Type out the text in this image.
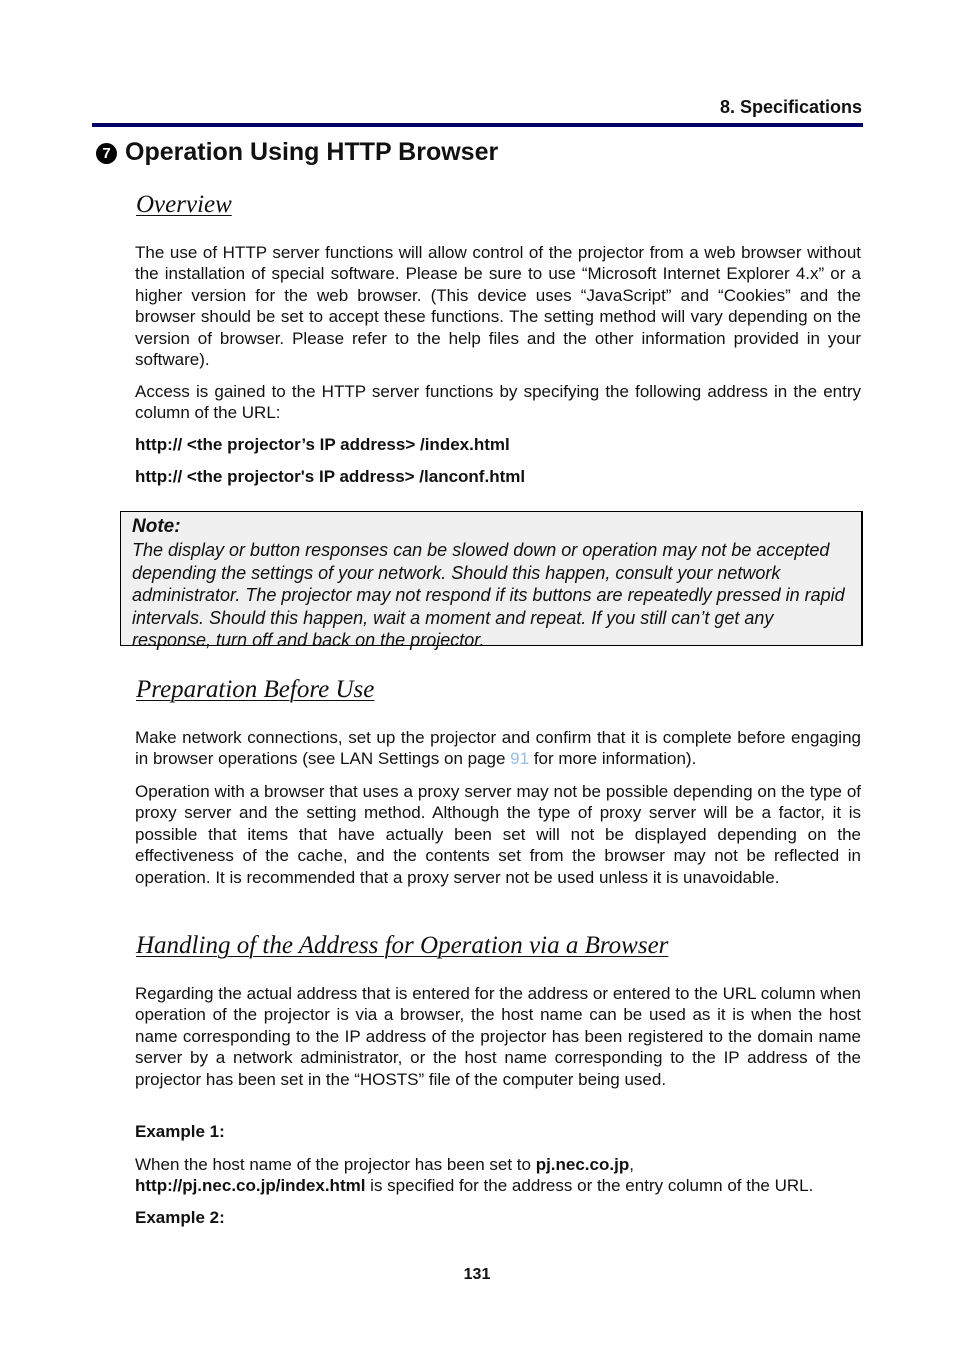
8. Specifications
7 Operation Using HTTP Browser
Overview

The use of HTTP server functions will allow control of the projector from a web browser without the installation of special software. Please be sure to use “Microsoft Internet Explorer 4.x” or a higher version for the web browser. (This device uses “JavaScript” and “Cookies” and the browser should be set to accept these functions. The setting method will vary depending on the version of browser. Please refer to the help files and the other information provided in your software).

Access is gained to the HTTP server functions by specifying the following address in the entry column of the URL:

http:// <the projector’s IP address> /index.html
http:// <the projector's IP address> /lanconf.html
Note:

The display or button responses can be slowed down or operation may not be accepted depending the settings of your network. Should this happen, consult your network administrator. The projector may not respond if its buttons are repeatedly pressed in rapid intervals. Should this happen, wait a moment and repeat. If you still can’t get any response, turn off and back on the projector.

Preparation Before Use

Make network connections, set up the projector and confirm that it is complete before engaging in browser operations (see LAN Settings on page 91 for more information).

Operation with a browser that uses a proxy server may not be possible depending on the type of proxy server and the setting method. Although the type of proxy server will be a factor, it is possible that items that have actually been set will not be displayed depending on the effectiveness of the cache, and the contents set from the browser may not be reflected in operation. It is recommended that a proxy server not be used unless it is unavoidable.

Handling of the Address for Operation via a Browser

Regarding the actual address that is entered for the address or entered to the URL column when operation of the projector is via a browser, the host name can be used as it is when the host name corresponding to the IP address of the projector has been registered to the domain name server by a network administrator, or the host name corresponding to the IP address of the projector has been set in the “HOSTS” file of the computer being used.

Example 1:

When the host name of the projector has been set to pj.nec.co.jp,
http://pj.nec.co.jp/index.html is specified for the address or the entry column of the URL.

Example 2:
131
